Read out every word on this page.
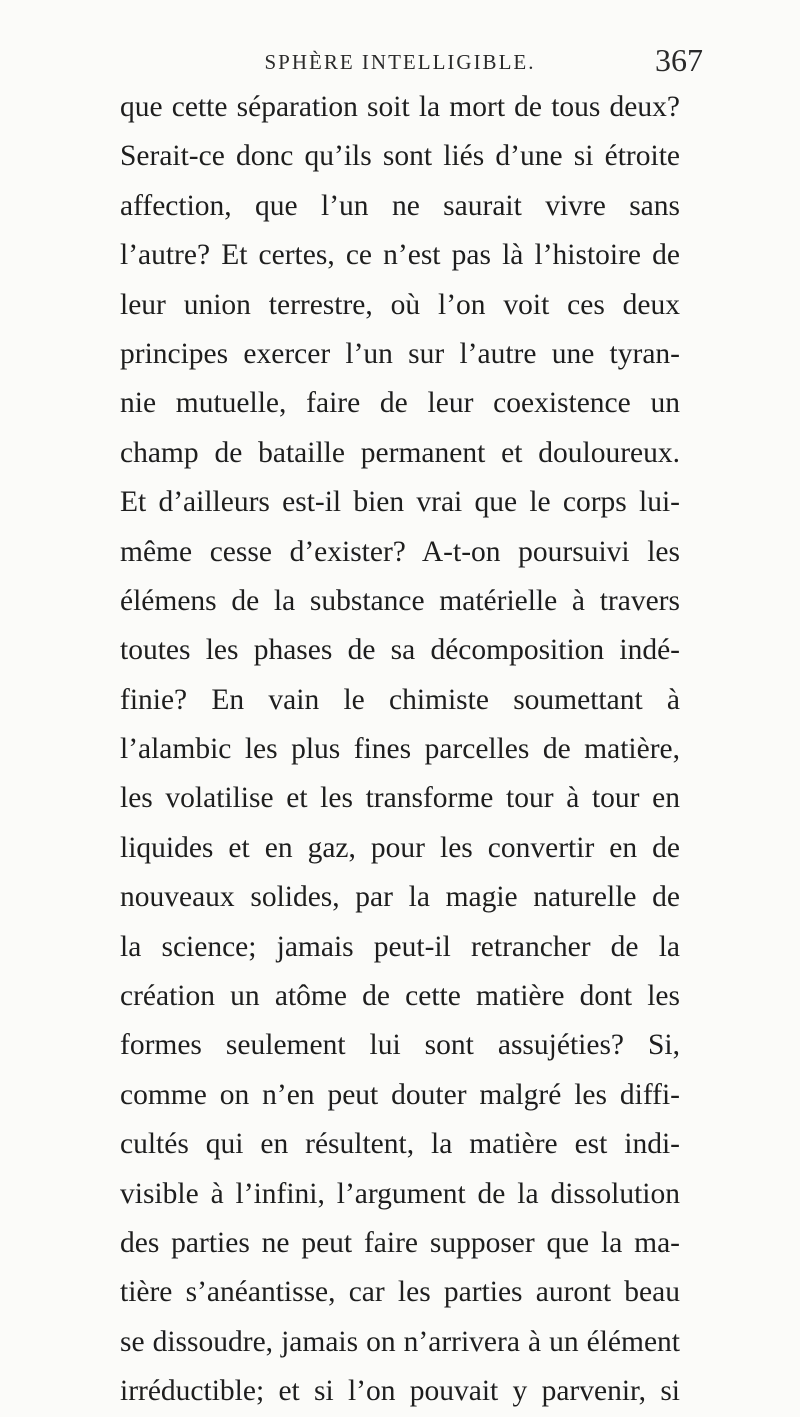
SPHÈRE INTELLIGIBLE.	367
que cette séparation soit la mort de tous deux?
Serait-ce donc qu’ils sont liés d’une si étroite
affection, que l’un ne saurait vivre sans
l’autre? Et certes, ce n’est pas là l’histoire de
leur union terrestre, où l’on voit ces deux
principes exercer l’un sur l’autre une tyran-
nie mutuelle, faire de leur coexistence un
champ de bataille permanent et douloureux.
Et d’ailleurs est-il bien vrai que le corps lui-
même cesse d’exister? A-t-on poursuivi les
élémens de la substance matérielle à travers
toutes les phases de sa décomposition indé-
finie? En vain le chimiste soumettant à
l’alambic les plus fines parcelles de matière,
les volatilise et les transforme tour à tour en
liquides et en gaz, pour les convertir en de
nouveaux solides, par la magie naturelle de
la science; jamais peut-il retrancher de la
création un atôme de cette matière dont les
formes seulement lui sont assujéties? Si,
comme on n’en peut douter malgré les diffi-
cultés qui en résultent, la matière est indi-
visible à l’infini, l’argument de la dissolution
des parties ne peut faire supposer que la ma-
tière s’anéantisse, car les parties auront beau
se dissoudre, jamais on n’arrivera à un élément
irréductible; et si l’on pouvait y parvenir, si
